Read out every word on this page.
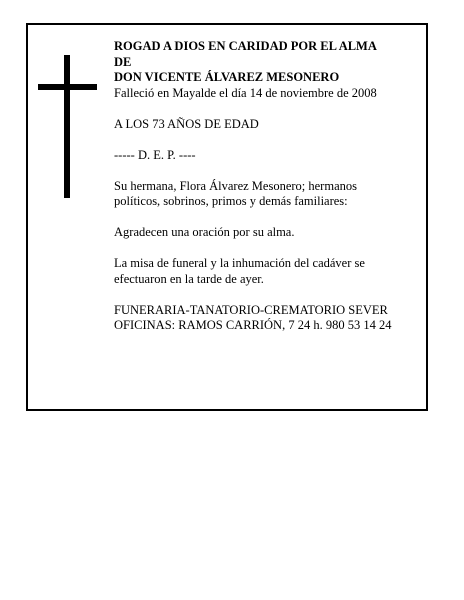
ROGAD A DIOS EN CARIDAD POR EL ALMA

DE

DON VICENTE ÁLVAREZ MESONERO

Falleció en Mayalde el día 14 de noviembre de 2008

A LOS 73 AÑOS DE EDAD

----- D. E. P. ----

Su hermana, Flora Álvarez Mesonero; hermanos

políticos, sobrinos, primos y demás familiares:

Agradecen una oración por su alma.

La misa de funeral y la inhumación del cadáver se

efectuaron en la tarde de ayer.

FUNERARIA-TANATORIO-CREMATORIO SEVER

OFICINAS: RAMOS CARRIÓN, 7 24 h. 980 53 14 24
